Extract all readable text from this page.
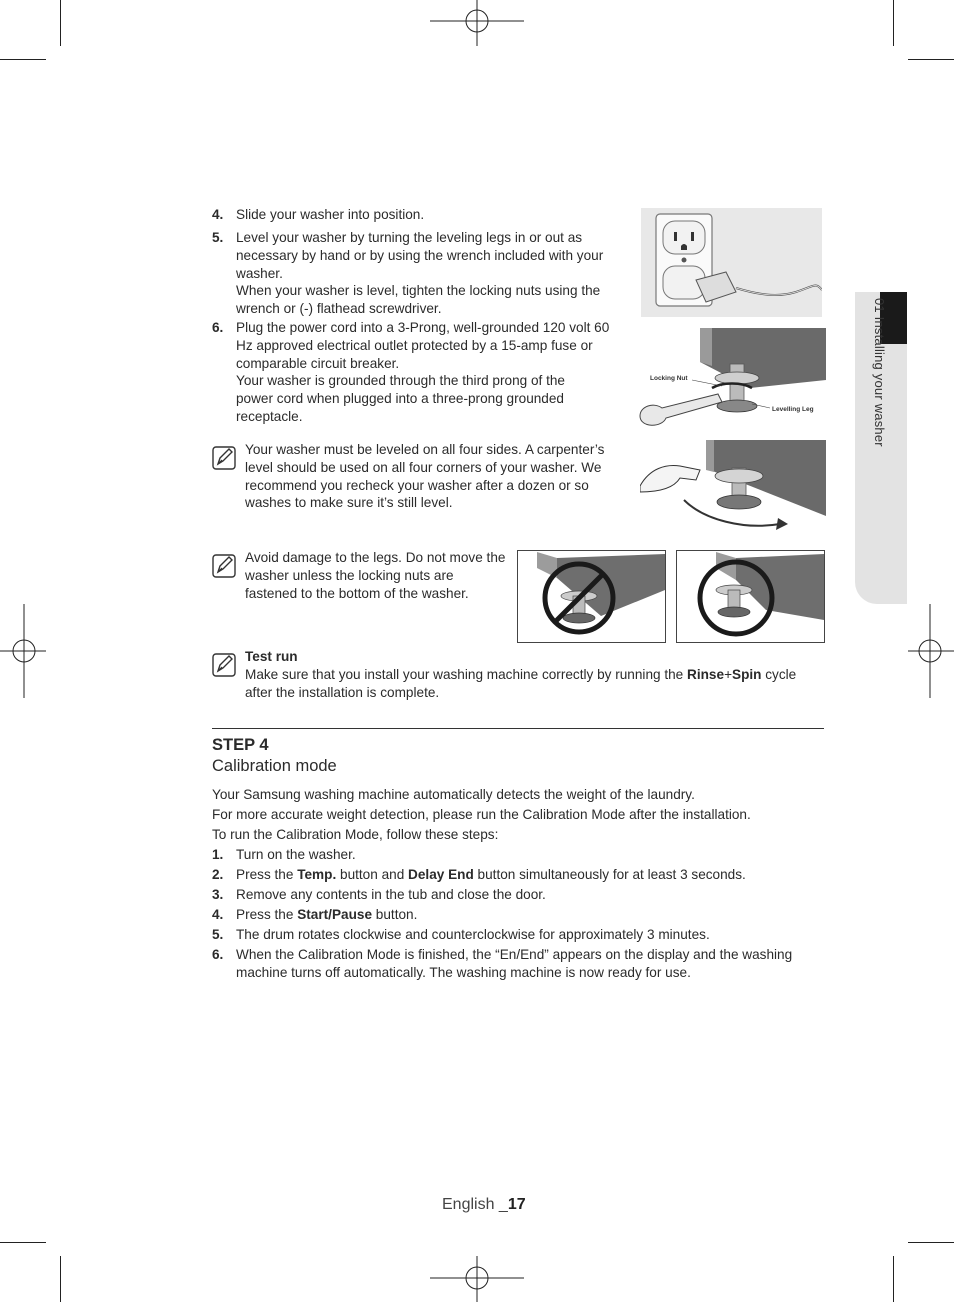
01 Installing your washer
4. Slide your washer into position.
5. Level your washer by turning the leveling legs in or out as necessary by hand or by using the wrench included with your washer.
When your washer is level, tighten the locking nuts using the wrench or (-) flathead screwdriver.
6. Plug the power cord into a 3-Prong, well-grounded 120 volt 60 Hz approved electrical outlet protected by a 15-amp fuse or comparable circuit breaker.
Your washer is grounded through the third prong of the power cord when plugged into a three-prong grounded receptacle.
Locking Nut
Levelling Leg
Your washer must be leveled on all four sides. A carpenter’s level should be used on all four corners of your washer. We recommend you recheck your washer after a dozen or so washes to make sure it’s still level.
Avoid damage to the legs. Do not move the washer unless the locking nuts are fastened to the bottom of the washer.
Test run
Make sure that you install your washing machine correctly by running the Rinse+Spin cycle after the installation is complete.
STEP 4
Calibration mode
Your Samsung washing machine automatically detects the weight of the laundry.
For more accurate weight detection, please run the Calibration Mode after the installation.
To run the Calibration Mode, follow these steps:
1. Turn on the washer.
2. Press the Temp. button and Delay End button simultaneously for at least 3 seconds.
3. Remove any contents in the tub and close the door.
4. Press the Start/Pause button.
5. The drum rotates clockwise and counterclockwise for approximately 3 minutes.
6. When the Calibration Mode is finished, the “En/End” appears on the display and the washing machine turns off automatically. The washing machine is now ready for use.
English _17
